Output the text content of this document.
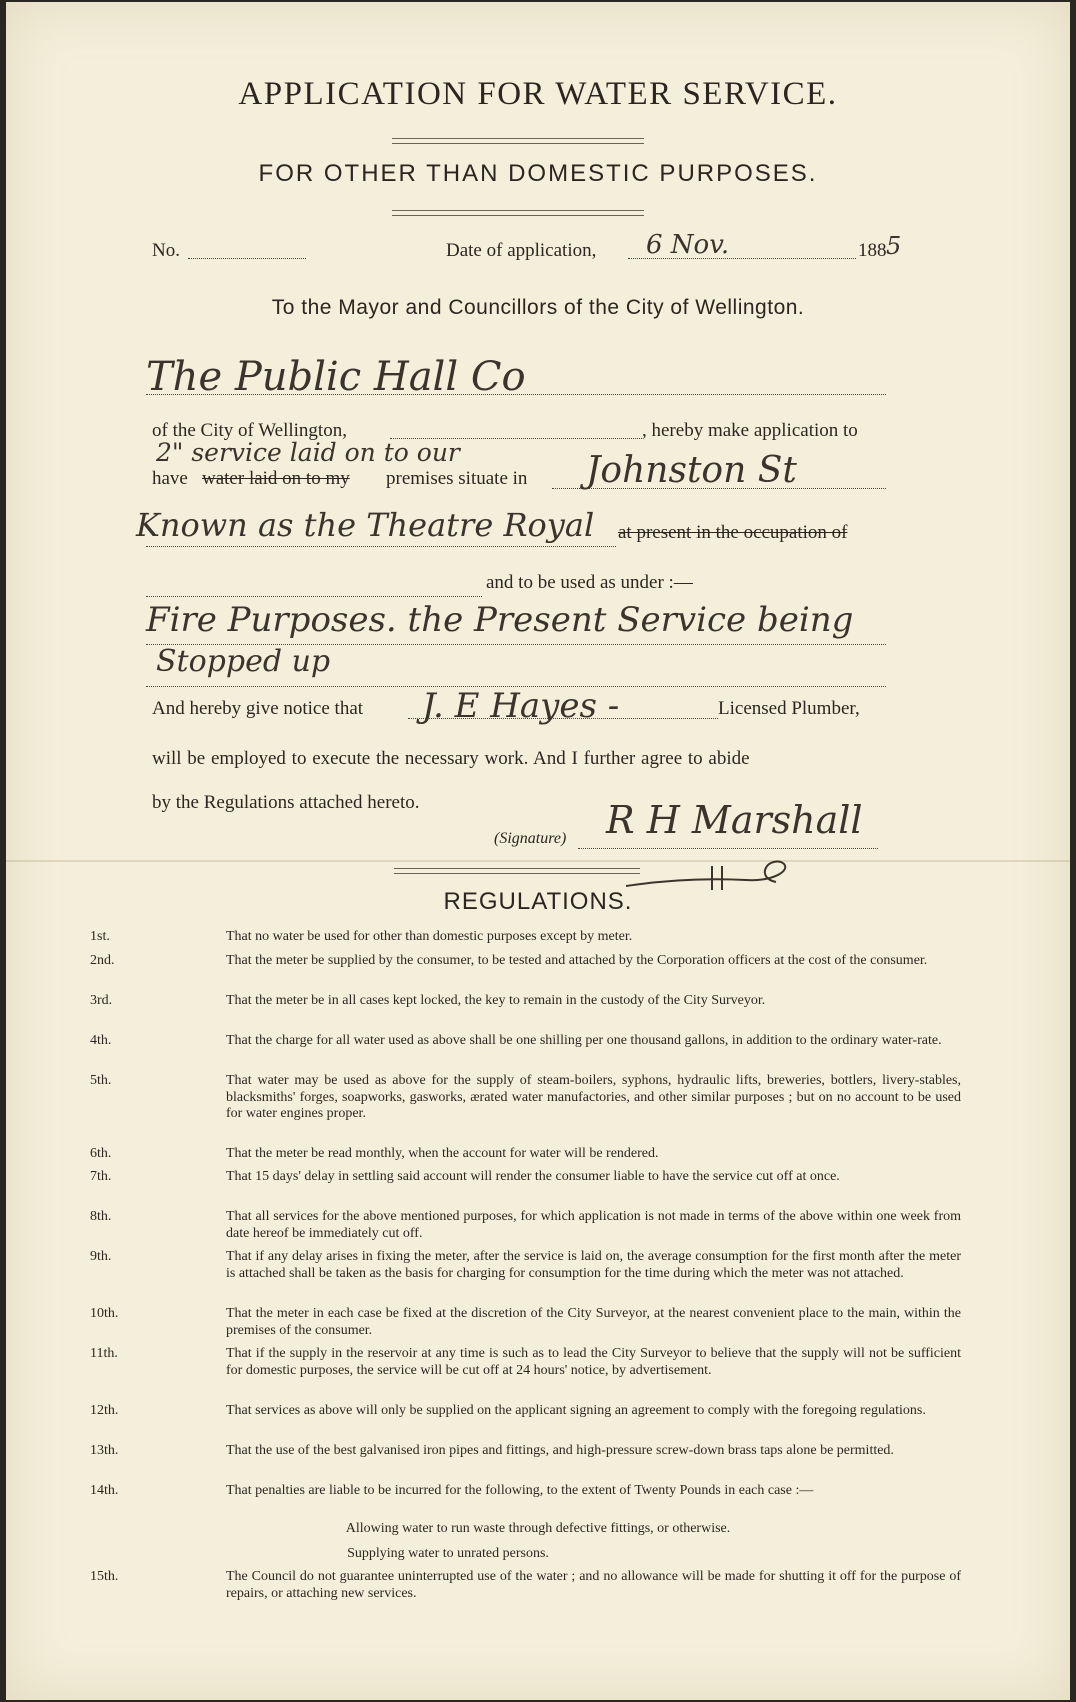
APPLICATION FOR WATER SERVICE.
FOR OTHER THAN DOMESTIC PURPOSES.
No.	Date of application, 6 Nov.	188 5
To the Mayor and Councillors of the City of Wellington.
The Public Hall Co
of the City of Wellington,	, hereby make application to
2" service laid on to our
have water laid on to my premises situate in Johnston St
Known as the Theatre Royal at present in the occupation of
and to be used as under :—
Fire Purposes. the Present Service being
Stopped up
And hereby give notice that J. E Hayes -	Licensed Plumber,
will be employed to execute the necessary work. And I further agree to abide
by the Regulations attached hereto.
(Signature) R H Marshall
REGULATIONS.
1st.	That no water be used for other than domestic purposes except by meter.
2nd.	That the meter be supplied by the consumer, to be tested and attached by the Corporation officers at the cost of the consumer.
3rd.	That the meter be in all cases kept locked, the key to remain in the custody of the City Surveyor.
4th.	That the charge for all water used as above shall be one shilling per one thousand gallons, in addition to the ordinary water-rate.
5th.	That water may be used as above for the supply of steam-boilers, syphons, hydraulic lifts, breweries, bottlers, livery-stables, blacksmiths' forges, soapworks, gasworks, ærated water manufactories, and other similar purposes ; but on no account to be used for water engines proper.
6th.	That the meter be read monthly, when the account for water will be rendered.
7th.	That 15 days' delay in settling said account will render the consumer liable to have the service cut off at once.
8th.	That all services for the above mentioned purposes, for which application is not made in terms of the above within one week from date hereof be immediately cut off.
9th.	That if any delay arises in fixing the meter, after the service is laid on, the average consumption for the first month after the meter is attached shall be taken as the basis for charging for consumption for the time during which the meter was not attached.
10th.	That the meter in each case be fixed at the discretion of the City Surveyor, at the nearest convenient place to the main, within the premises of the consumer.
11th.	That if the supply in the reservoir at any time is such as to lead the City Surveyor to believe that the supply will not be sufficient for domestic purposes, the service will be cut off at 24 hours' notice, by advertisement.
12th.	That services as above will only be supplied on the applicant signing an agreement to comply with the foregoing regulations.
13th.	That the use of the best galvanised iron pipes and fittings, and high-pressure screw-down brass taps alone be permitted.
14th.	That penalties are liable to be incurred for the following, to the extent of Twenty Pounds in each case :—
Allowing water to run waste through defective fittings, or otherwise.
Supplying water to unrated persons.
15th.	The Council do not guarantee uninterrupted use of the water ; and no allowance will be made for shutting it off for the purpose of repairs, or attaching new services.
